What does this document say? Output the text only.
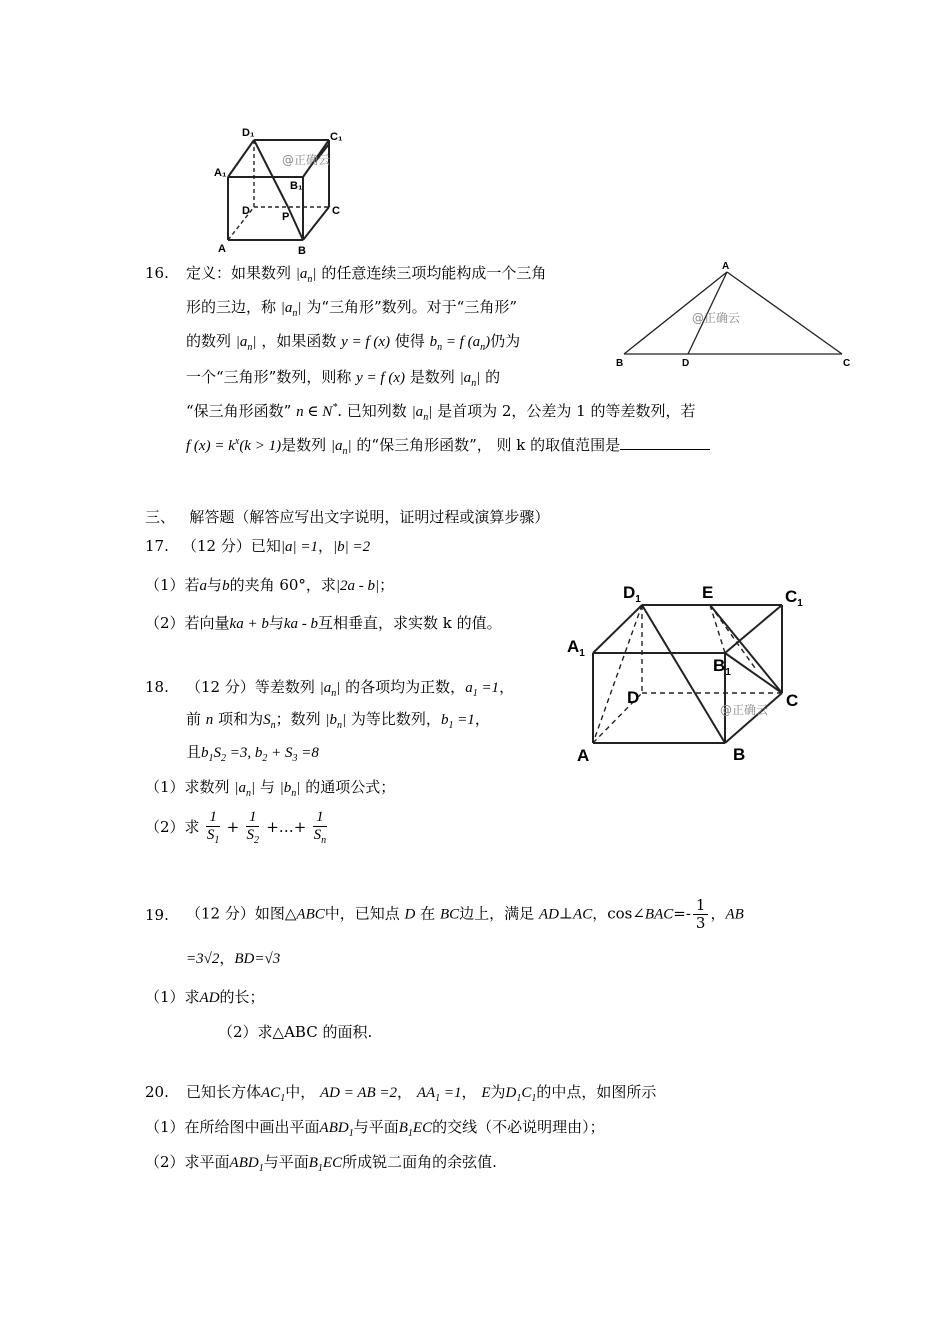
D₁	C₁
A₁
B₁
D	P	C
A	B
@正确云
A
B	D	C
@正确云
$D_1$	E	$C_1$
$A_1$
$B_1$
D	C
A	B
@正确云
16. 定义：如果数列 $|a_n|$ 的任意连续三项均能构成一个三角
形的三边，称 $|a_n|$ 为“三角形”数列。对于“三角形”
的数列 $|a_n|$ ，如果函数 y = f (x) 使得 $b_n = f$ $(a_n)$仍为
一个“三角形”数列，则称 y = f (x) 是数列 $|a_n|$ 的
“保三角形函数” n ∈ N*. 已知列数 $|a_n|$ 是首项为 2，公差为 1 的等差数列，若
f $(x) = k^x(k > 1)$是数列 $|a_n|$ 的“保三角形函数”， 则 k 的取值范围是
三、 解答题（解答应写出文字说明，证明过程或演算步骤）
17. （12 分）已知|a| =1，|b| =2
（1）若a与b的夹角 60°，求|2a - b|；
（2）若向量ka + b与ka - b互相垂直，求实数 k 的值。
18. （12 分）等差数列 $|a_n|$ 的各项均为正数，$a_1 =1$，
前 n 项和为$S_n$；数列 $|b_n|$ 为等比数列，$b_1 =1$，
且$b_1S_2 =3$, $b_2 + S_3 =8$
（1）求数列 $|a_n|$ 与 $|b_n|$ 的通项公式；
（2）求 $\frac{1}{S_1} + \frac{1}{S_2}$ +…+ $\frac{1}{S_n}$
19. （12 分）如图△ABC中，已知点 D 在 BC边上，满足 AD⊥AC，cos∠BAC=- $\frac{1}{3}$ ，AB
=3√2，BD=√3
（1）求AD的长；
（2）求△ABC 的面积.
20. 已知长方体$AC_1$中， AD = AB =2， $AA_1 =1$， E为$D_1C_1$的中点，如图所示
（1）在所给图中画出平面$ABD_1$与平面$B_1EC$的交线（不必说明理由）；
（2）求平面$ABD_1$与平面$B_1EC$所成锐二面角的余弦值.
